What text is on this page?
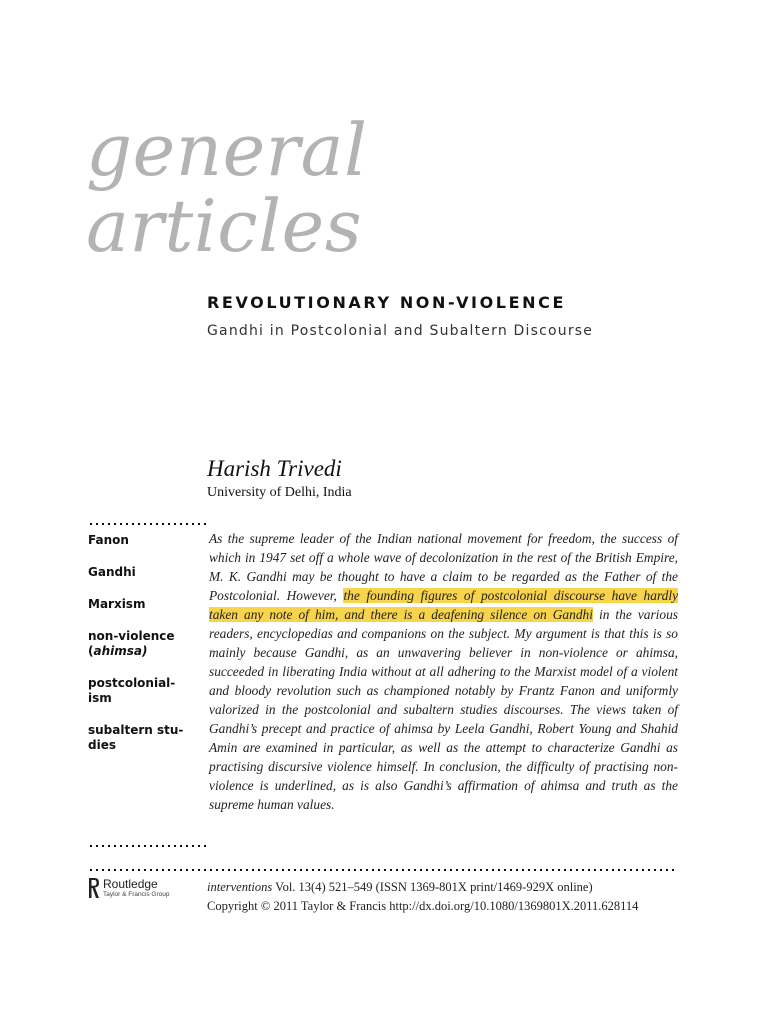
general
articles
REVOLUTIONARY NON-VIOLENCE

Gandhi in Postcolonial and Subaltern Discourse

Harish Trivedi

University of Delhi, India
Fanon
Gandhi
Marxism
non-violence
(ahimsa)
postcolonial-
ism
subaltern stu-
dies

As the supreme leader of the Indian national movement for freedom, the success of which in 1947 set off a whole wave of decolonization in the rest of the British Empire, M. K. Gandhi may be thought to have a claim to be regarded as the Father of the Postcolonial. However, the founding figures of postcolonial discourse have hardly taken any note of him, and there is a deafening silence on Gandhi in the various readers, encyclopedias and companions on the subject. My argument is that this is so mainly because Gandhi, as an unwavering believer in non-violence or ahimsa, succeeded in liberating India without at all adhering to the Marxist model of a violent and bloody revolution such as championed notably by Frantz Fanon and uniformly valorized in the postcolonial and subaltern studies discourses. The views taken of Gandhi’s precept and practice of ahimsa by Leela Gandhi, Robert Young and Shahid Amin are examined in particular, as well as the attempt to characterize Gandhi as practising discursive violence himself. In conclusion, the difficulty of practising non-violence is underlined, as is also Gandhi’s affirmation of ahimsa and truth as the supreme human values.

Routledge
Taylor & Francis Group
interventions Vol. 13(4) 521–549 (ISSN 1369-801X print/1469-929X online)
Copyright © 2011 Taylor & Francis http://dx.doi.org/10.1080/1369801X.2011.628114
